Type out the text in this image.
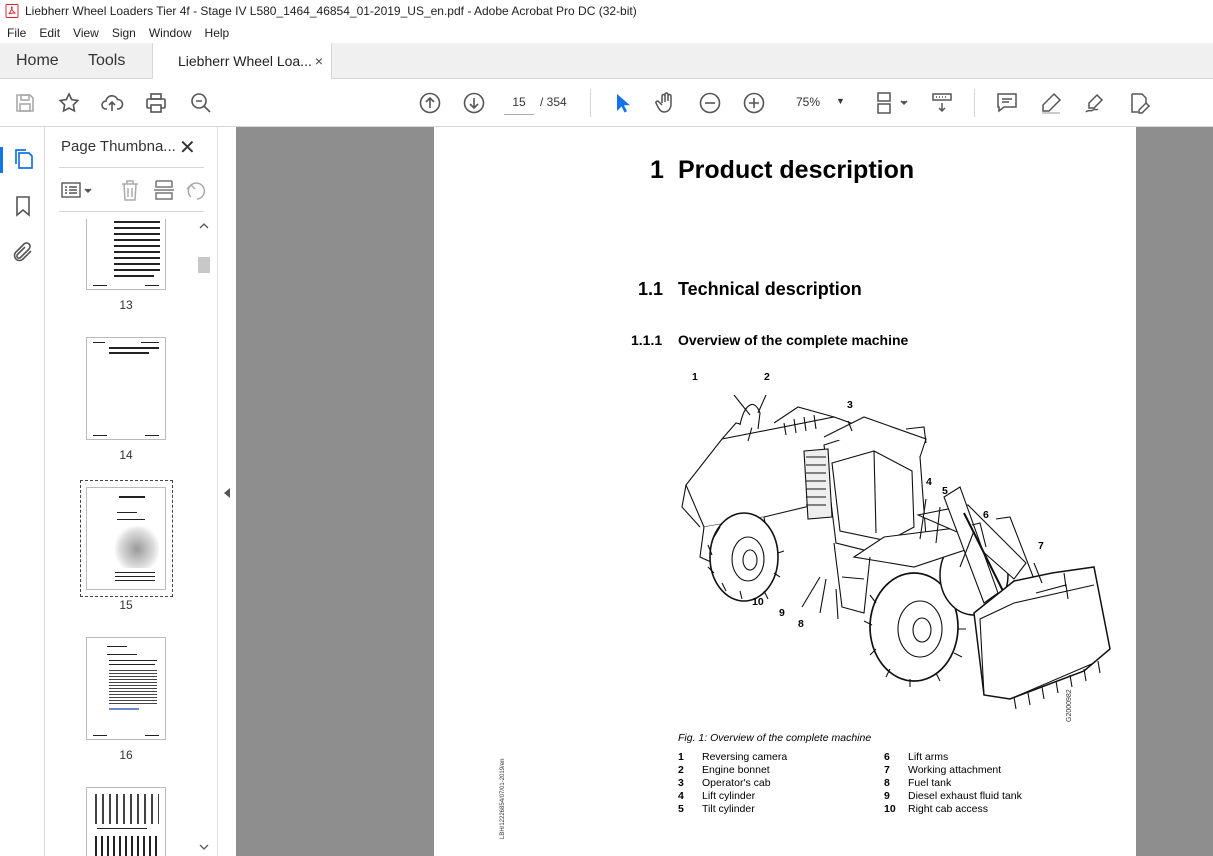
Liebherr Wheel Loaders Tier 4f - Stage IV L580_1464_46854_01-2019_US_en.pdf - Adobe Acrobat Pro DC (32-bit)
File	Edit	View	Sign	Window	Help
Home Tools	Liebherr Wheel Loa... ×
15
/ 354	75%	▼
Page Thumbna... ✕
13
14
15
16
1 Product description
1.1 Technical description
1.1.1 Overview of the complete machine
1	2
3
4
5
6
7
8
9
10
G2000982
Fig. 1: Overview of the complete machine
1 Reversing camera
2 Engine bonnet
3 Operator's cab
4 Lift cylinder
5 Tilt cylinder
6 Lift arms
7 Working attachment
8 Fuel tank
9 Diesel exhaust fluid tank
10 Right cab access
LBH/12226854/07/01-2019/en
